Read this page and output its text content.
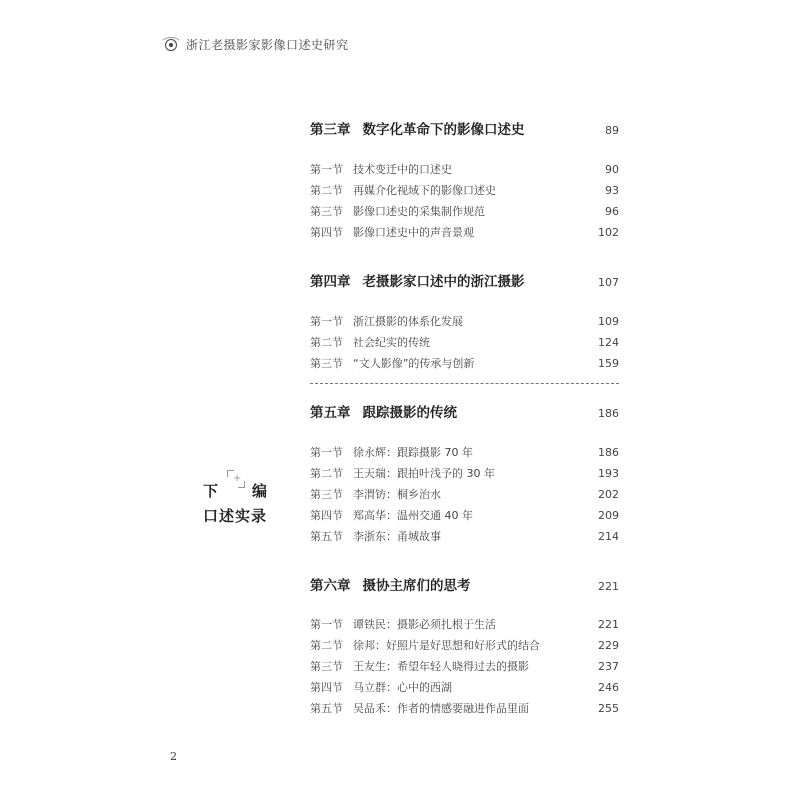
浙江老摄影家影像口述史研究
下 编
+
口述实录
第三章 数字化革命下的影像口述史	89
第一节 技术变迁中的口述史	90
第二节 再媒介化视域下的影像口述史	93
第三节 影像口述史的采集制作规范	96
第四节 影像口述史中的声音景观	102
第四章 老摄影家口述中的浙江摄影	107
第一节 浙江摄影的体系化发展	109
第二节 社会纪实的传统	124
第三节 “文人影像”的传承与创新	159
第五章 跟踪摄影的传统	186
第一节 徐永辉：跟踪摄影 70 年	186
第二节 王天瑞：跟拍叶浅予的 30 年	193
第三节 李渭钫：桐乡治水	202
第四节 郑高华：温州交通 40 年	209
第五节 李浙东：甬城故事	214
第六章 摄协主席们的思考	221
第一节 谭铁民：摄影必须扎根于生活	221
第二节 徐邦：好照片是好思想和好形式的结合	229
第三节 王友生：希望年轻人晓得过去的摄影	237
第四节 马立群：心中的西湖	246
第五节 吴品禾：作者的情感要融进作品里面	255
2
